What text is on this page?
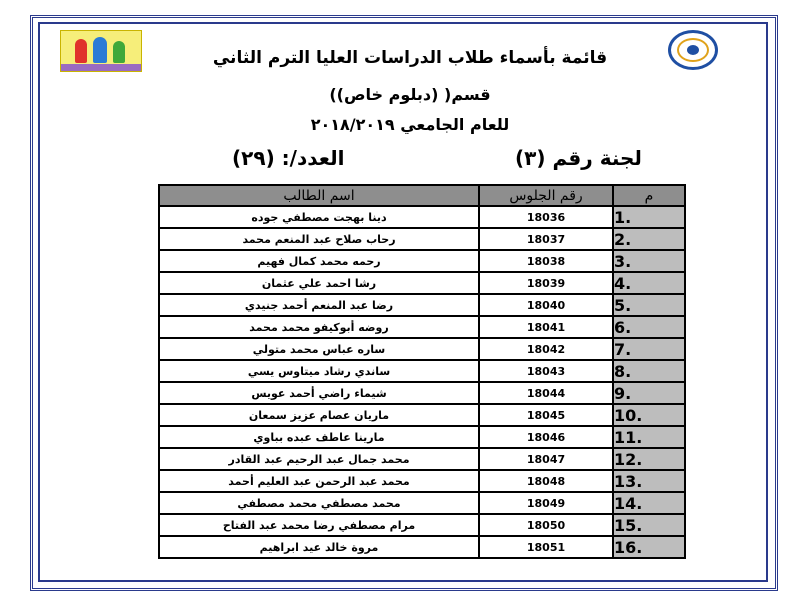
قائمة بأسماء طلاب الدراسات العليا الترم الثاني
قسم( (دبلوم خاص))
للعام الجامعي ٢٠١٨/٢٠١٩
لجنة رقم (٣)
العدد/: (٢٩)
م	رقم الجلوس	اسم الطالب
1.	18036	دينا بهجت مصطفي جوده
2.	18037	رحاب صلاح عبد المنعم محمد
3.	18038	رحمه محمد كمال فهيم
4.	18039	رشا احمد علي عثمان
5.	18040	رضا عبد المنعم أحمد جنيدي
6.	18041	روضه أبوكيفو محمد محمد
7.	18042	ساره عباس محمد متولي
8.	18043	ساندي رشاد ميتاوس يسي
9.	18044	شيماء راضي أحمد عويس
10.	18045	ماريان عصام عزيز سمعان
11.	18046	مارينا عاطف عبده بباوي
12.	18047	محمد جمال عبد الرحيم عبد القادر
13.	18048	محمد عبد الرحمن عبد العليم أحمد
14.	18049	محمد مصطفي محمد مصطفي
15.	18050	مرام مصطفي رضا محمد عبد الفتاح
16.	18051	مروة خالد عيد ابراهيم
